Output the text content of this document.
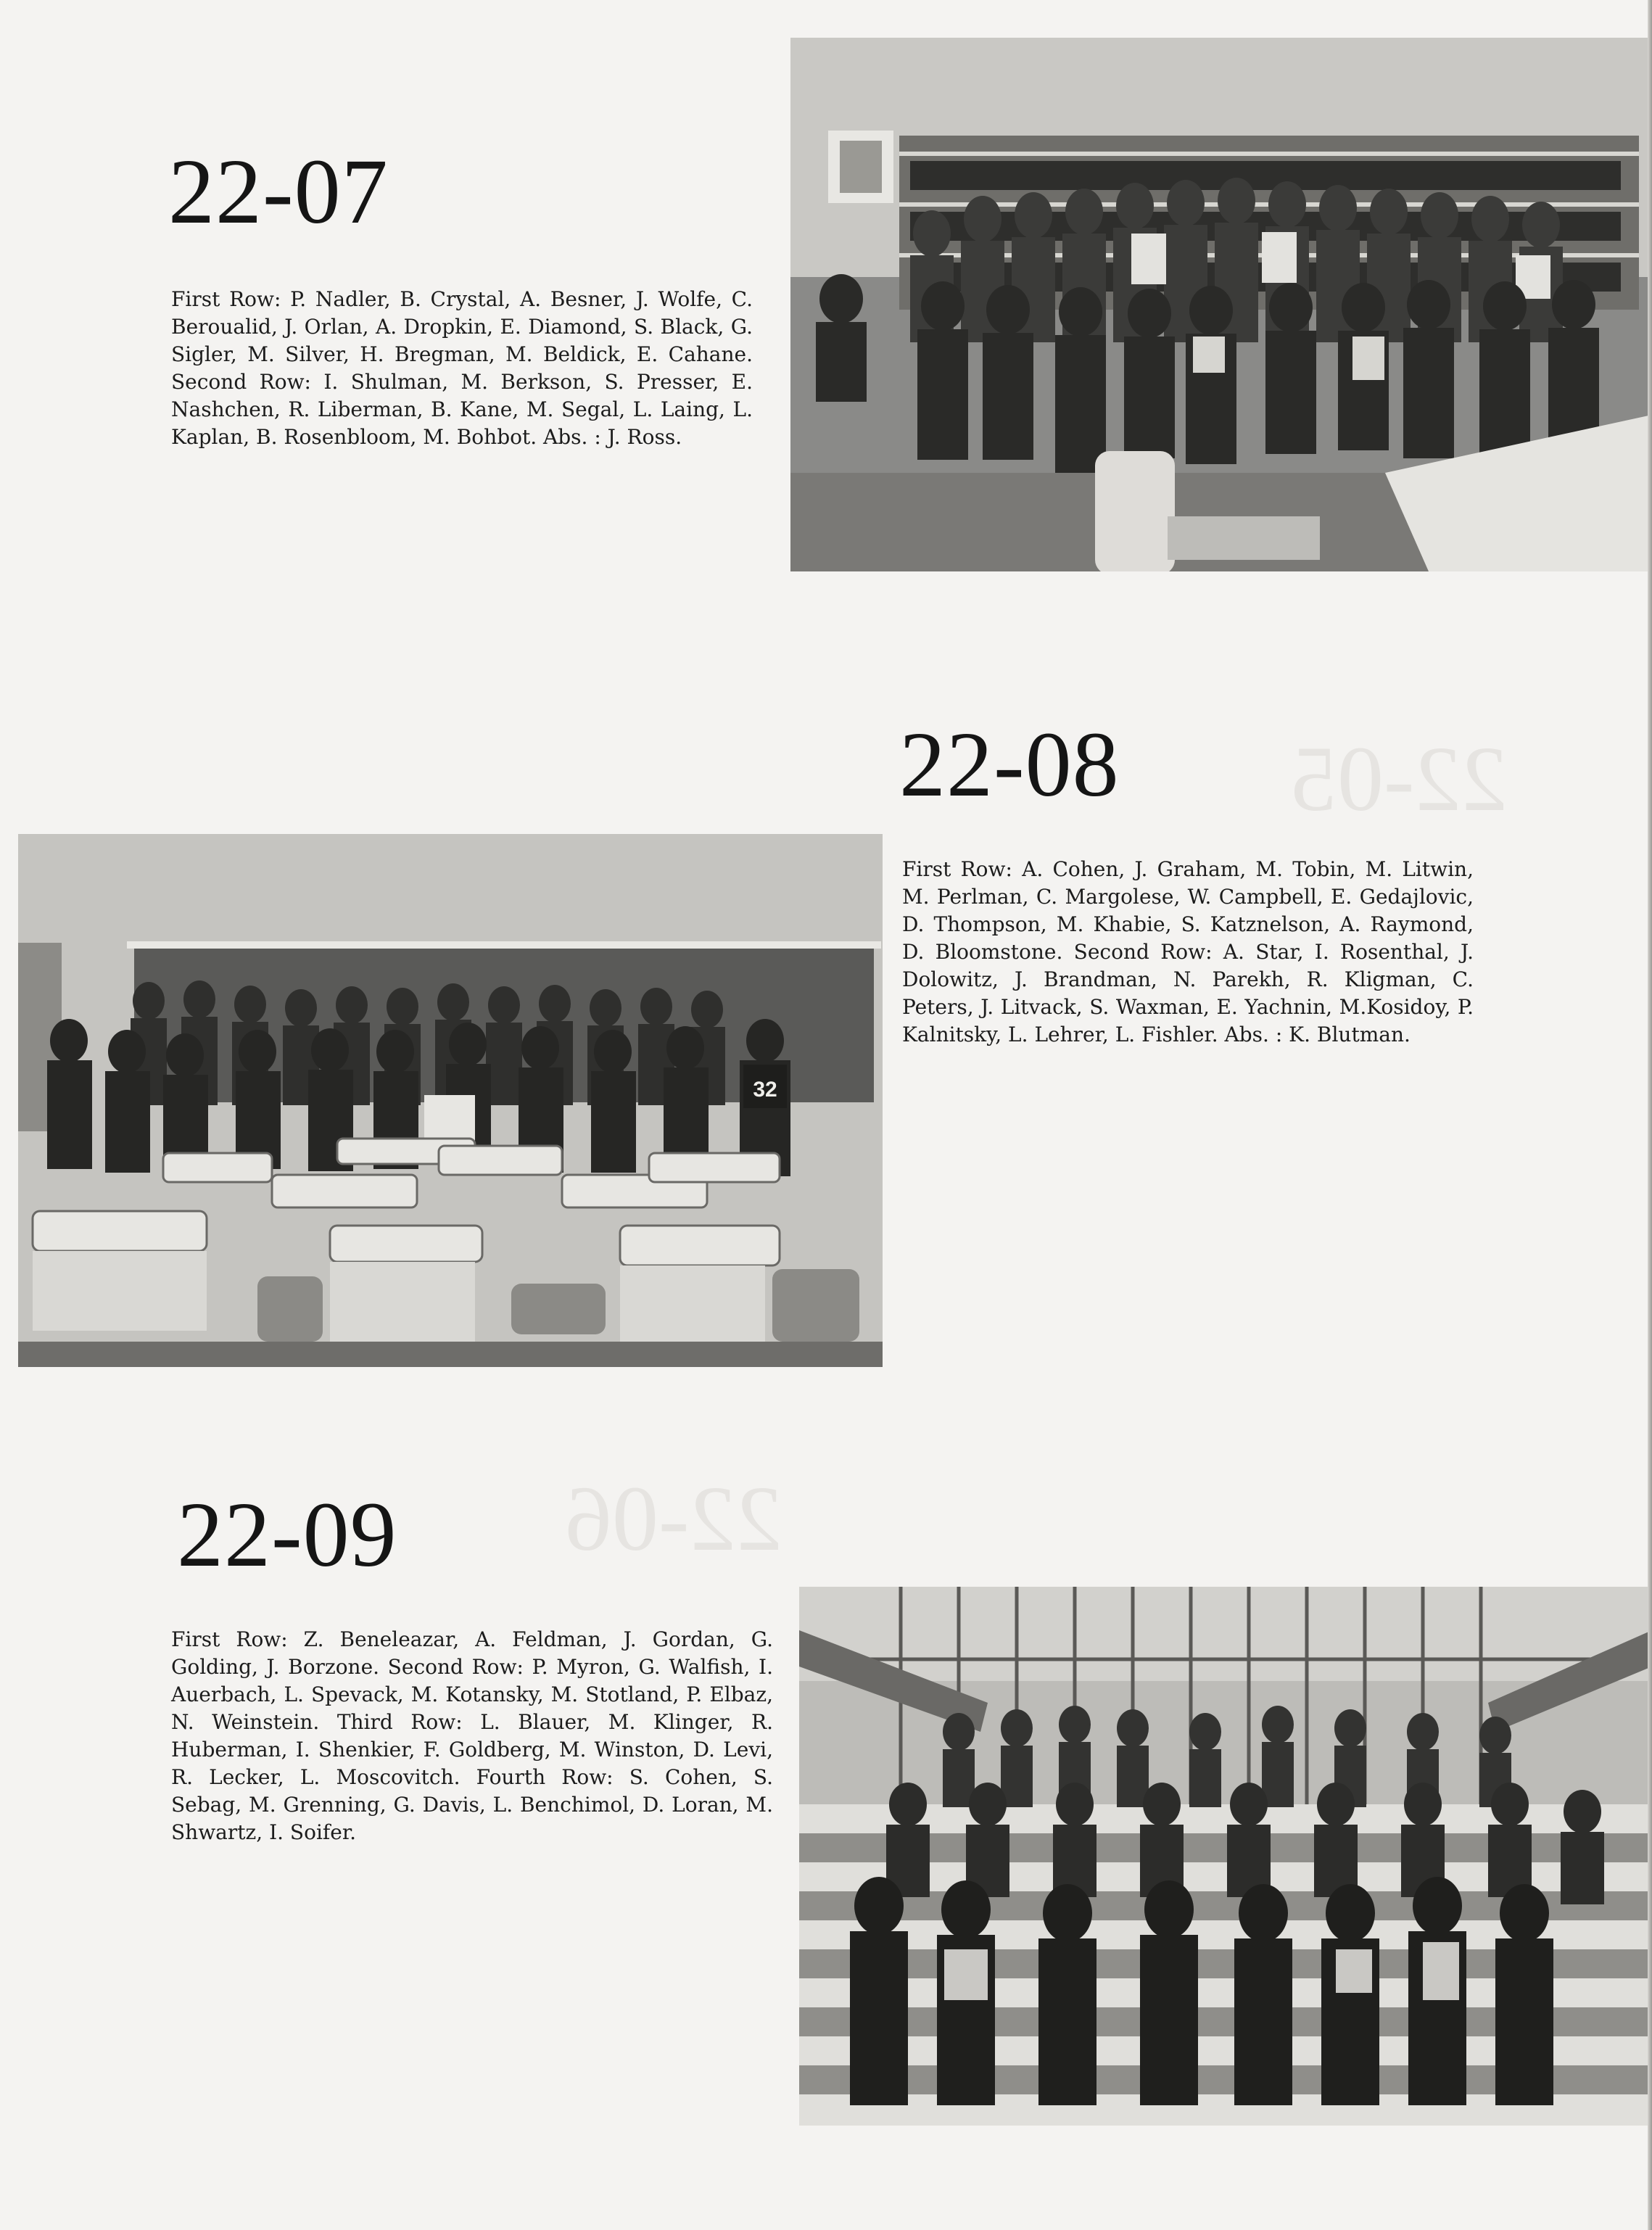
22-05
22-06
22-07
First Row: P. Nadler, B. Crystal, A. Besner, J. Wolfe, C. Beroualid, J. Orlan, A. Dropkin, E. Diamond, S. Black, G. Sigler, M. Silver, H. Bregman, M. Beldick, E. Cahane. Second Row: I. Shulman, M. Berkson, S. Presser, E. Nashchen, R. Liberman, B. Kane, M. Segal, L. Laing, L. Kaplan, B. Rosenbloom, M. Bohbot. Abs. : J. Ross.
22-08
First Row: A. Cohen, J. Graham, M. Tobin, M. Litwin, M. Perlman, C. Margolese, W. Campbell, E. Gedajlovic, D. Thompson, M. Khabie, S. Katznelson, A. Raymond, D. Bloomstone. Second Row: A. Star, I. Rosenthal, J. Dolowitz, J. Brandman, N. Parekh, R. Kligman, C. Peters, J. Litvack, S. Waxman, E. Yachnin, M.Kosidoy, P. Kalnitsky, L. Lehrer, L. Fishler. Abs. : K. Blutman.
32
22-09
First Row: Z. Beneleazar, A. Feldman, J. Gordan, G. Golding, J. Borzone. Second Row: P. Myron, G. Walfish, I. Auerbach, L. Spevack, M. Kotansky, M. Stotland, P. Elbaz, N. Weinstein. Third Row: L. Blauer, M. Klinger, R. Huberman, I. Shenkier, F. Goldberg, M. Winston, D. Levi, R. Lecker, L. Moscovitch. Fourth Row: S. Cohen, S. Sebag, M. Grenning, G. Davis, L. Benchimol, D. Loran, M. Shwartz, I. Soifer.
